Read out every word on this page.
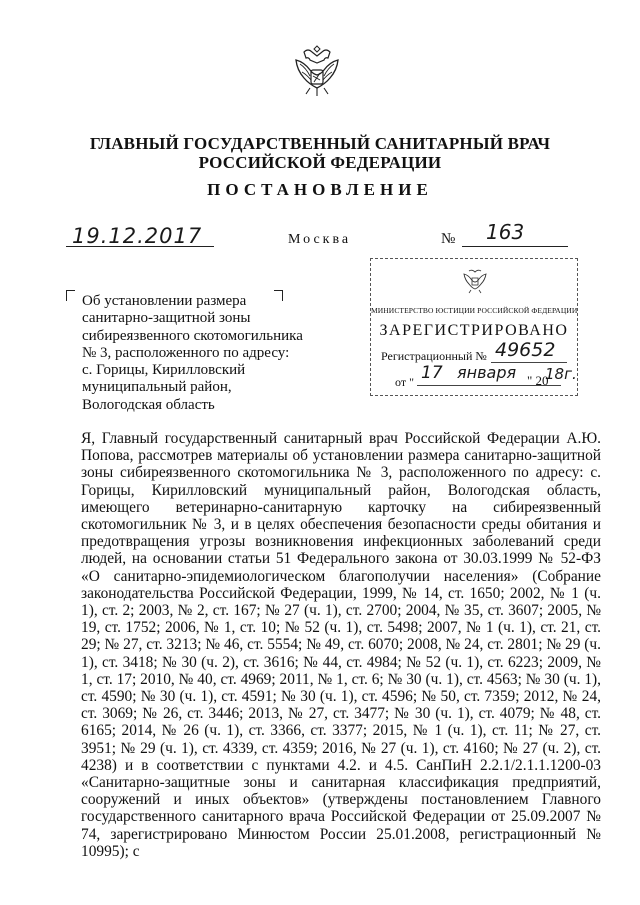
ГЛАВНЫЙ ГОСУДАРСТВЕННЫЙ САНИТАРНЫЙ ВРАЧ
РОССИЙСКОЙ ФЕДЕРАЦИИ
ПОСТАНОВЛЕНИЕ
19.12.2017	Москва	№ 163
Об установлении размера
санитарно-защитной зоны
сибиреязвенного скотомогильника
№ 3, расположенного по адресу:
с. Горицы, Кирилловский
муниципальный район,
Вологодская область
МИНИСТЕРСТВО ЮСТИЦИИ РОССИЙСКОЙ ФЕДЕРАЦИИ
ЗАРЕГИСТРИРОВАНО
Регистрационный № 49652
от " 17 января " 20
18г.

Я, Главный государственный санитарный врач Российской Федерации А.Ю. Попова, рассмотрев материалы об установлении размера санитарно-защитной зоны сибиреязвенного скотомогильника № 3, расположенного по адресу: с. Горицы, Кирилловский муниципальный район, Вологодская область, имеющего ветеринарно-санитарную карточку на сибиреязвенный скотомогильник № 3, и в целях обеспечения безопасности среды обитания и предотвращения угрозы возникновения инфекционных заболеваний среди людей, на основании статьи 51 Федерального закона от 30.03.1999 № 52-ФЗ «О санитарно-эпидемиологическом благополучии населения» (Собрание законодательства Российской Федерации, 1999, № 14, ст. 1650; 2002, № 1 (ч. 1), ст. 2; 2003, № 2, ст. 167; № 27 (ч. 1), ст. 2700; 2004, № 35, ст. 3607; 2005, № 19, ст. 1752; 2006, № 1, ст. 10; № 52 (ч. 1), ст. 5498; 2007, № 1 (ч. 1), ст. 21, ст. 29; № 27, ст. 3213; № 46, ст. 5554; № 49, ст. 6070; 2008, № 24, ст. 2801; № 29 (ч. 1), ст. 3418; № 30 (ч. 2), ст. 3616; № 44, ст. 4984; № 52 (ч. 1), ст. 6223; 2009, № 1, ст. 17; 2010, № 40, ст. 4969; 2011, № 1, ст. 6; № 30 (ч. 1), ст. 4563; № 30 (ч. 1), ст. 4590; № 30 (ч. 1), ст. 4591; № 30 (ч. 1), ст. 4596; № 50, ст. 7359; 2012, № 24, ст. 3069; № 26, ст. 3446; 2013, № 27, ст. 3477; № 30 (ч. 1), ст. 4079; № 48, ст. 6165; 2014, № 26 (ч. 1), ст. 3366, ст. 3377; 2015, № 1 (ч. 1), ст. 11; № 27, ст. 3951; № 29 (ч. 1), ст. 4339, ст. 4359; 2016, № 27 (ч. 1), ст. 4160; № 27 (ч. 2), ст. 4238) и в соответствии с пунктами 4.2. и 4.5. СанПиН 2.2.1/2.1.1.1200-03 «Санитарно-защитные зоны и санитарная классификация предприятий, сооружений и иных объектов» (утверждены постановлением Главного государственного санитарного врача Российской Федерации от 25.09.2007 № 74, зарегистрировано Минюстом России 25.01.2008, регистрационный № 10995); с
